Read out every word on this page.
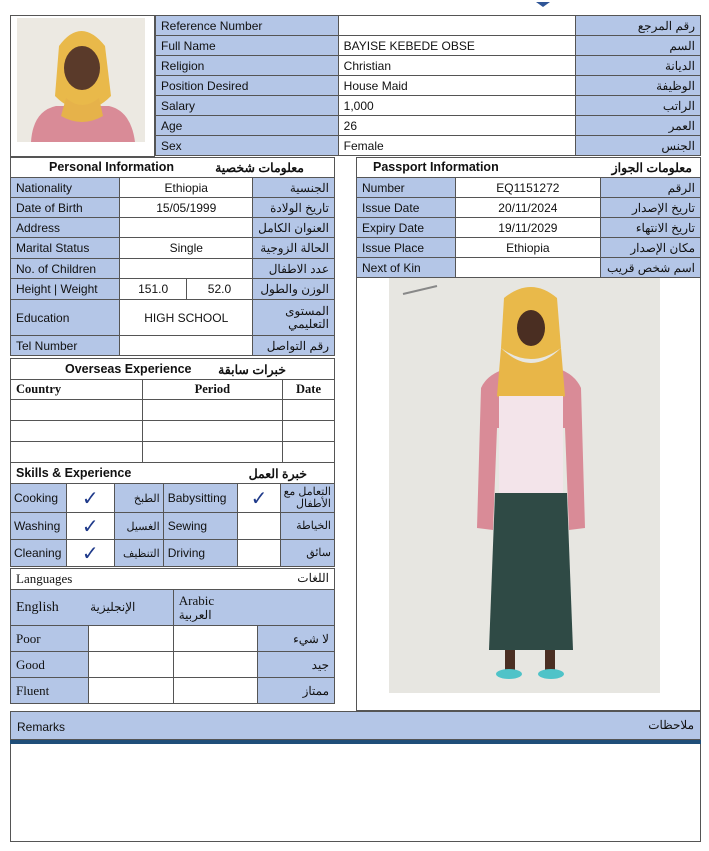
Reference Number		رقم المرجع
Full Name	BAYISE KEBEDE OBSE	السم
Religion	Christian	الديانة
Position Desired	House Maid	الوظيفة
Salary	1,000	الراتب
Age	26	العمر
Sex	Female	الجنس
Personal Information معلومات شخصية			

Nationality	Ethiopia		الجنسية
Date of Birth	15/05/1999		تاريخ الولادة
Address			العنوان الكامل
Marital Status	Single		الحالة الزوجية
No. of Children			عدد الاطفال
Height | Weight	151.0	52.0	الوزن والطول
Education	HIGH SCHOOL		المستوى
التعليمي

Tel Number			رقم التواصل
Overseas Experience خبرات سابقة		

Country	Period	Date

Skills & Experience خبرة العمل					

Cooking	✓	الطبخ	Babysitting	✓	التعامل مع
الأطفال

Washing	✓	الغسيل	Sewing		الخياطة

Cleaning	✓	التنظيف	Driving		سائق
Languages اللغات			

English الإنجليزية		Arabic
العربية	

Poor			لا شيء
Good			جيد
Fluent			ممتاز
Passport Information معلومات الجواز		

Number	EQ1151272	الرقم
Issue Date	20/11/2024	تاريخ الإصدار
Expiry Date	19/11/2029	تاريخ الانتهاء
Issue Place	Ethiopia	مكان الإصدار
Next of Kin		اسم شخص قريب
Remarks	ملاحظات
